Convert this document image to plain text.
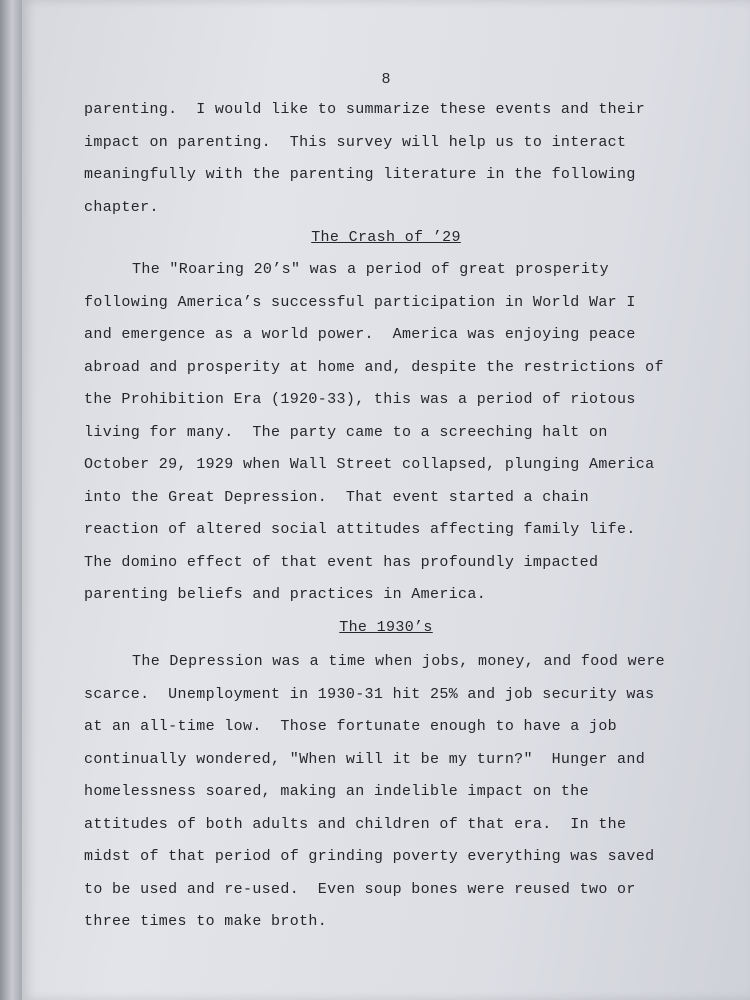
8
parenting.  I would like to summarize these events and their
impact on parenting.  This survey will help us to interact
meaningfully with the parenting literature in the following
chapter.
The Crash of ’29
The "Roaring 20’s" was a period of great prosperity
following America’s successful participation in World War I
and emergence as a world power.  America was enjoying peace
abroad and prosperity at home and, despite the restrictions of
the Prohibition Era (1920-33), this was a period of riotous
living for many.  The party came to a screeching halt on
October 29, 1929 when Wall Street collapsed, plunging America
into the Great Depression.  That event started a chain
reaction of altered social attitudes affecting family life.
The domino effect of that event has profoundly impacted
parenting beliefs and practices in America.
The 1930’s
The Depression was a time when jobs, money, and food were
scarce.  Unemployment in 1930-31 hit 25% and job security was
at an all-time low.  Those fortunate enough to have a job
continually wondered, "When will it be my turn?"  Hunger and
homelessness soared, making an indelible impact on the
attitudes of both adults and children of that era.  In the
midst of that period of grinding poverty everything was saved
to be used and re-used.  Even soup bones were reused two or
three times to make broth.
